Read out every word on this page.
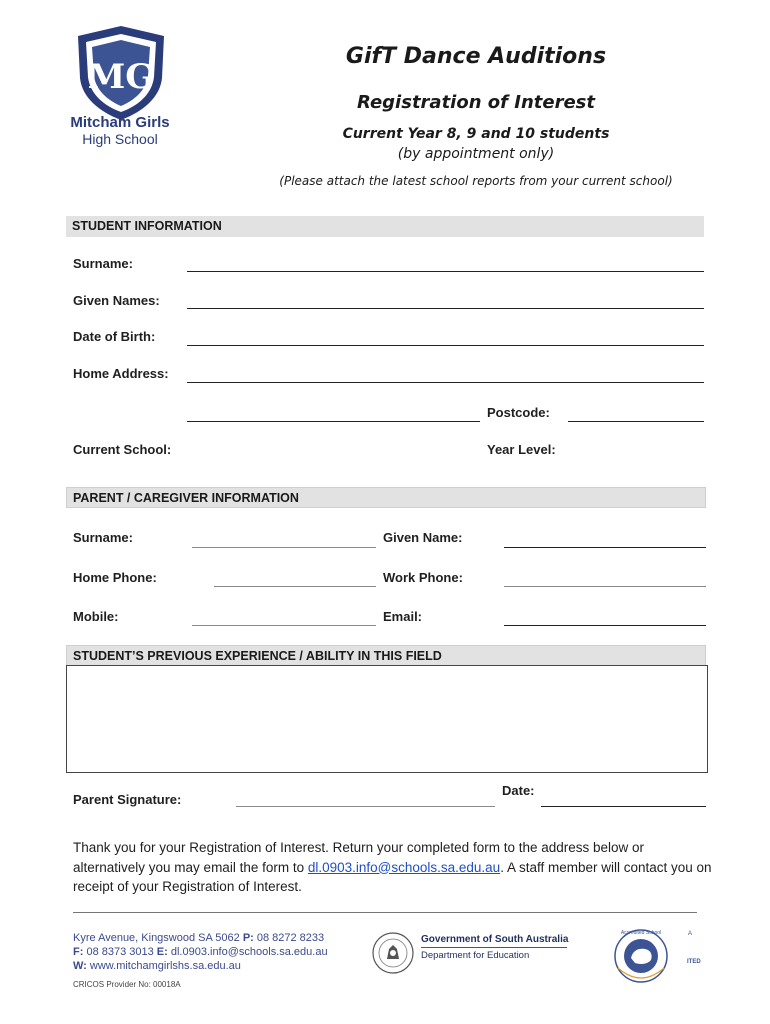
MG
Mitcham Girls
High School
GifT Dance Auditions
Registration of Interest
Current Year 8, 9 and 10 students
(by appointment only)
(Please attach the latest school reports from your current school)
STUDENT INFORMATION
Surname:
Given Names:
Date of Birth:
Home Address:
Postcode:
Current School:	Year Level:
PARENT / CAREGIVER INFORMATION
Surname:	Given Name:
Home Phone:	Work Phone:
Mobile:	Email:
STUDENT’S PREVIOUS EXPERIENCE / ABILITY IN THIS FIELD
Parent Signature:
Date:
Thank you for your Registration of Interest. Return your completed form to the address below or alternatively you may email the form to dl.0903.info@schools.sa.edu.au. A staff member will contact you on receipt of your Registration of Interest.
Kyre Avenue, Kingswood SA 5062 P: 08 8272 8233
F: 08 8373 3013 E: dl.0903.info@schools.sa.edu.au
W: www.mitchamgirlshs.sa.edu.au
CRICOS Provider No: 00018A
Government of South Australia
Department for Education
Accredited School	A
ITED
